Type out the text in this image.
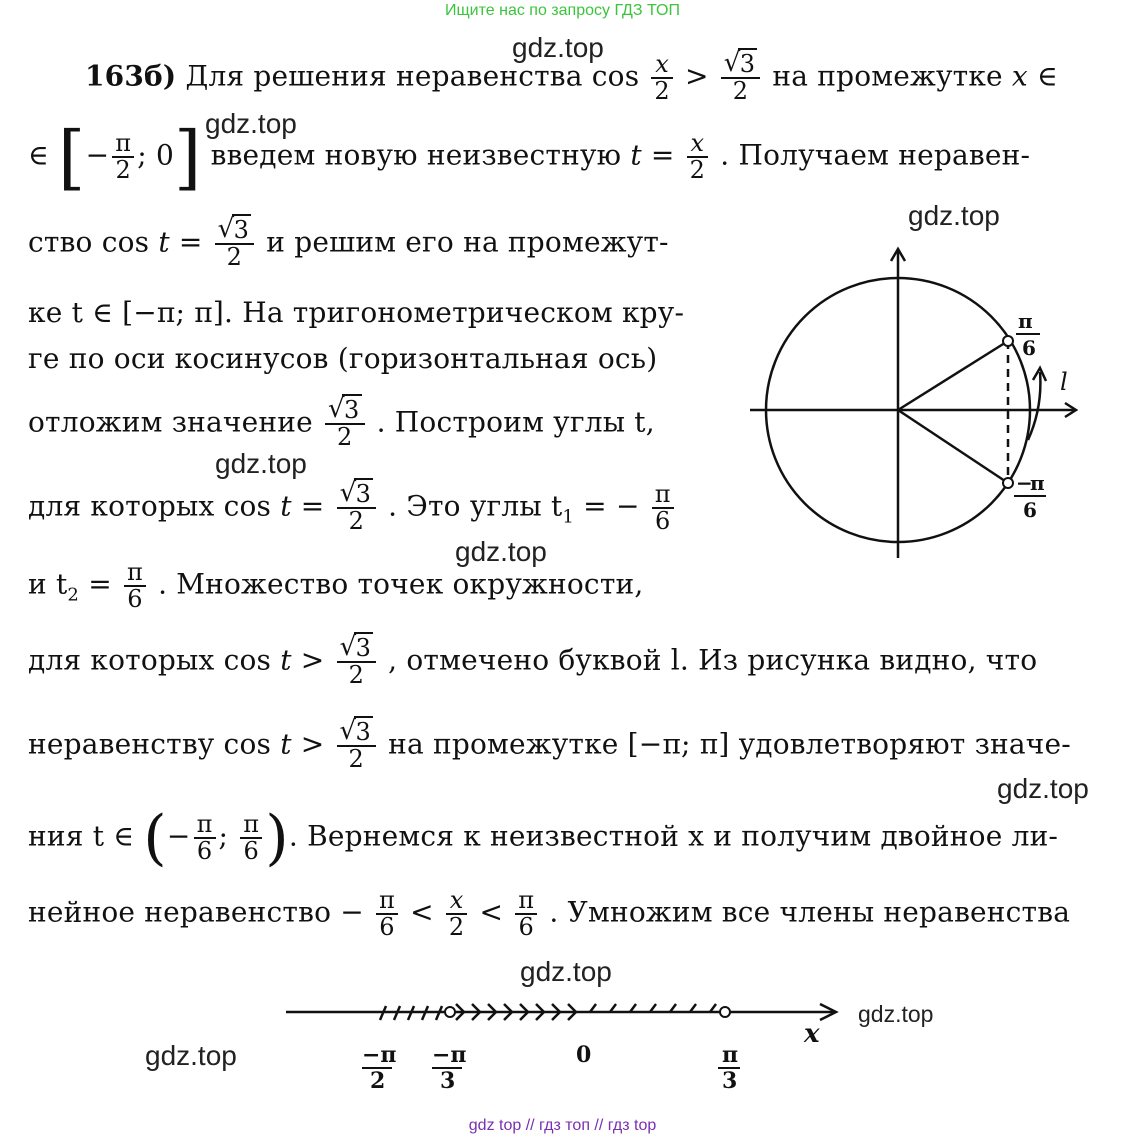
Ищите нас по запросу ГДЗ ТОП
gdz top // гдз топ // гдз top
gdz.top
gdz.top
gdz.top
gdz.top
gdz.top
gdz.top
gdz.top
gdz.top
gdz.top
163б) Для решения неравенства $\cos \frac{x}{2}$ > √ $\frac{3}{2}$ на промежутке x ∈
∈ [− $\frac{\pi}{2}$ ; 0] введем новую неизвестную $t = \frac{x}{2}$ . Получаем неравен-
ство cos t = √ $\frac{3}{2}$ и решим его на промежут-
ке t ∈ [−π; π]. На тригонометрическом кру-
ге по оси косинусов (горизонтальная ось)
отложим значение √ $\frac{3}{2}$ . Построим углы t,
для которых cos t = √ $\frac{3}{2}$ . Это углы $t_1$ = − $\frac{\pi}{6}$
и $t_2 = \frac{\pi}{6}$ . Множество точек окружности,
для которых cos t > √ $\frac{3}{2}$ , отмечено буквой l. Из рисунка видно, что
неравенству cos t > √ $\frac{3}{2}$ на промежутке [−π; π] удовлетворяют значе-
ния t ∈ (− $\frac{\pi}{6}$ ; $\frac{\pi}{6}$ ). Вернемся к неизвестной x и получим двойное ли-
нейное неравенство − $\frac{\pi}{6} < \frac{x}{2} < \frac{\pi}{6}$ . Умножим все члены неравенства
π
6
−
π
6
l
x
−π
2
−π
3
0	π
3
